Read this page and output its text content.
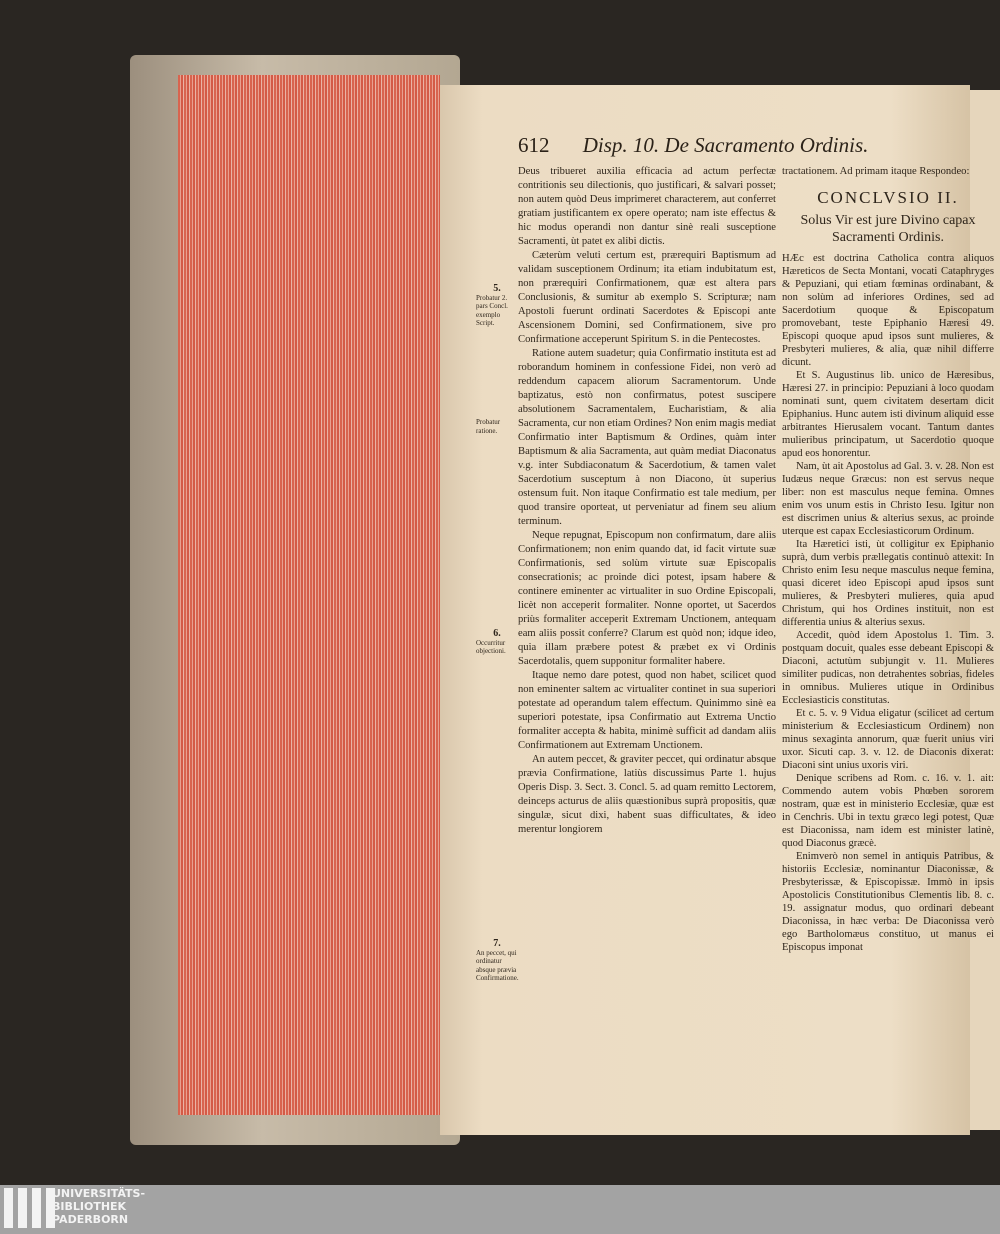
612 Disp. 10. De Sacramento Ordinis.

Deus tribueret auxilia efficacia ad actum perfectæ contritionis seu dilectionis, quo justificari, & salvari posset; non autem quòd Deus imprimeret characterem, aut conferret gratiam justificantem ex opere operato; nam iste effectus & hic modus operandi non dantur sinè reali susceptione Sacramenti, ùt patet ex alibi dictis.

Cæterùm veluti certum est, prærequiri Baptismum ad validam susceptionem Ordinum; ita etiam indubitatum est, non prærequiri Confirmationem, quæ est altera pars Conclusionis, & sumitur ab exemplo S. Scripturæ; nam Apostoli fuerunt ordinati Sacerdotes & Episcopi ante Ascensionem Domini, sed Confirmationem, sive pro Confirmatione acceperunt Spiritum S. in die Pentecostes.

Ratione autem suadetur; quia Confirmatio instituta est ad roborandum hominem in confessione Fidei, non verò ad reddendum capacem aliorum Sacramentorum. Unde baptizatus, estò non confirmatus, potest suscipere absolutionem Sacramentalem, Eucharistiam, & alia Sacramenta, cur non etiam Ordines? Non enim magis mediat Confirmatio inter Baptismum & Ordines, quàm inter Baptismum & alia Sacramenta, aut quàm mediat Diaconatus v.g. inter Subdiaconatum & Sacerdotium, & tamen valet Sacerdotium susceptum à non Diacono, ùt superius ostensum fuit. Non itaque Confirmatio est tale medium, per quod transire oporteat, ut perveniatur ad finem seu alium terminum.

Neque repugnat, Episcopum non confirmatum, dare aliis Confirmationem; non enim quando dat, id facit virtute suæ Confirmationis, sed solùm virtute suæ Episcopalis consecrationis; ac proinde dici potest, ipsam habere & continere eminenter ac virtualiter in suo Ordine Episcopali, licèt non acceperit formaliter. Nonne oportet, ut Sacerdos priùs formaliter acceperit Extremam Unctionem, antequam eam aliis possit conferre? Clarum est quòd non; idque ideo, quia illam præbere potest & præbet ex vi Ordinis Sacerdotalis, quem supponitur formaliter habere.

Itaque nemo dare potest, quod non habet, scilicet quod non eminenter saltem ac virtualiter continet in sua superiori potestate ad operandum talem effectum. Quinimmo sinè ea superiori potestate, ipsa Confirmatio aut Extrema Unctio formaliter accepta & habita, minimè sufficit ad dandam aliis Confirmationem aut Extremam Unctionem.

An autem peccet, & graviter peccet, qui ordinatur absque prævia Confirmatione, latiùs discussimus Parte 1. hujus Operis Disp. 3. Sect. 3. Concl. 5. ad quam remitto Lectorem, deinceps acturus de aliis quæstionibus suprà propositis, quæ singulæ, sicut dixi, habent suas difficultates, & ideo merentur longiorem

5.
Probatur 2. pars Concl. exemplo Script.
Probatur ratione.
6.
Occurritur objectioni.
7.
An peccet, qui ordinatur absque prævia Confirmatione.

tractationem. Ad primam itaque Respondeo:

CONCLVSIO II.
Solus Vir est jure Divino capax Sacramenti Ordinis.

HÆc est doctrina Catholica contra aliquos Hæreticos de Secta Montani, vocati Cataphryges & Pepuziani, qui etiam fœminas ordinabant, & non solùm ad inferiores Ordines, sed ad Sacerdotium quoque & Episcopatum promovebant, teste Epiphanio Hæresi 49. Episcopi quoque apud ipsos sunt mulieres, & Presbyteri mulieres, & alia, quæ nihil differre dicunt.

Et S. Augustinus lib. unico de Hæresibus, Hæresi 27. in principio: Pepuziani à loco quodam nominati sunt, quem civitatem desertam dicit Epiphanius. Hunc autem isti divinum aliquid esse arbitrantes Hierusalem vocant. Tantum dantes mulieribus principatum, ut Sacerdotio quoque apud eos honorentur.

Nam, ùt ait Apostolus ad Gal. 3. v. 28. Non est Iudæus neque Græcus: non est servus neque liber: non est masculus neque femina. Omnes enim vos unum estis in Christo Iesu. Igitur non est discrimen unius & alterius sexus, ac proinde uterque est capax Ecclesiasticorum Ordinum.

Ita Hæretici isti, ùt colligitur ex Epiphanio suprà, dum verbis prællegatis continuò attexit: In Christo enim Iesu neque masculus neque femina, quasi diceret ideo Episcopi apud ipsos sunt mulieres, & Presbyteri mulieres, quia apud Christum, qui hos Ordines instituit, non est differentia unius & alterius sexus.

Accedit, quòd idem Apostolus 1. Tim. 3. postquam docuit, quales esse debeant Episcopi & Diaconi, actutùm subjungit v. 11. Mulieres similiter pudicas, non detrahentes sobrias, fideles in omnibus. Mulieres utique in Ordinibus Ecclesiasticis constitutas.

Et c. 5. v. 9 Vidua eligatur (scilicet ad certum ministerium & Ecclesiasticum Ordinem) non minus sexaginta annorum, quæ fuerit unius viri uxor. Sicuti cap. 3. v. 12. de Diaconis dixerat: Diaconi sint unius uxoris viri.

Denique scribens ad Rom. c. 16. v. 1. ait: Commendo autem vobis Phœben sororem nostram, quæ est in ministerio Ecclesiæ, quæ est in Cenchris. Ubi in textu græco legi potest, Quæ est Diaconissa, nam idem est minister latinè, quod Diaconus græcè.

Enimverò non semel in antiquis Patribus, & historiis Ecclesiæ, nominantur Diaconissæ, & Presbyterissæ, & Episcopissæ. Immò in ipsis Apostolicis Constitutionibus Clementis lib. 8. c. 19. assignatur modus, quo ordinari debeant Diaconissa, in hæc verba: De Diaconissa verò ego Bartholomæus constituo, ut manus ei Episcopus imponat

UNIVERSITÄTS-
BIBLIOTHEK
PADERBORN
